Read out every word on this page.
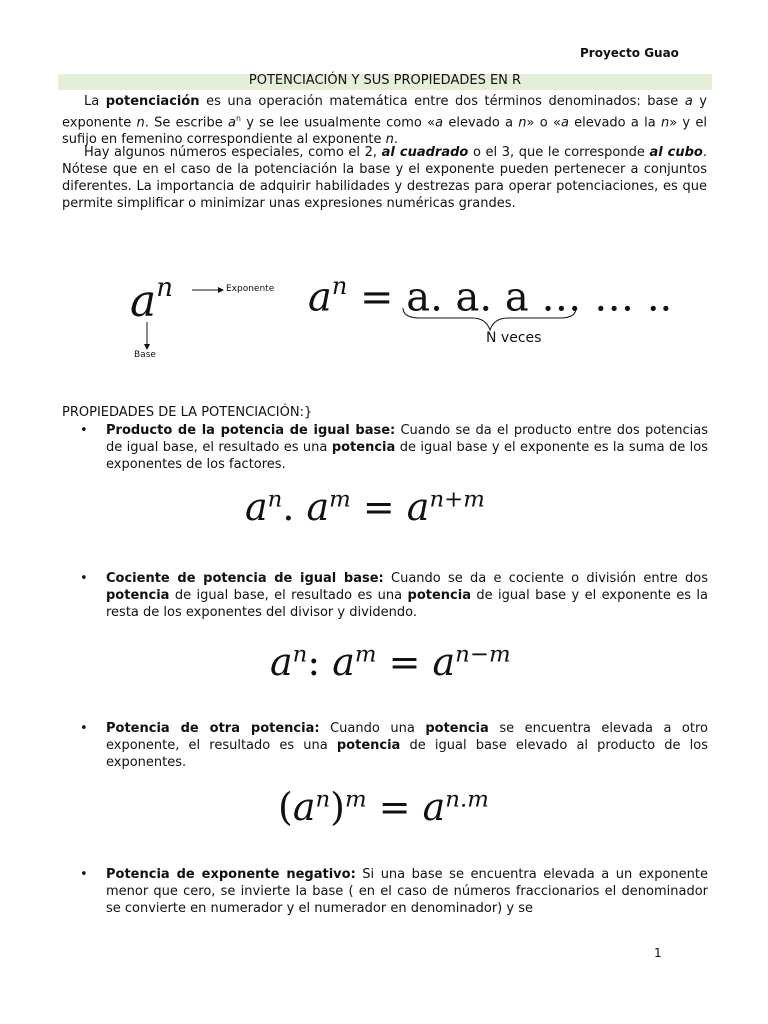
Proyecto Guao
POTENCIACIÓN Y SUS PROPIEDADES EN R

La potenciación es una operación matemática entre dos términos denominados: base a y exponente n. Se escribe $a^n$ y se lee usualmente como «a elevado a n» o «a elevado a la n» y el sufijo en femenino correspondiente al exponente n.

Hay algunos números especiales, como el 2, al cuadrado o el 3, que le corresponde al cubo. Nótese que en el caso de la potenciación la base y el exponente pueden pertenecer a conjuntos diferentes. La importancia de adquirir habilidades y destrezas para operar potenciaciones, es que permite simplificar o minimizar unas expresiones numéricas grandes.

$a^n$	Exponente
Base
$a^n = a$. a. a … … ..
N veces
PROPIEDADES DE LA POTENCIACIÓN:}
• Producto de la potencia de igual base: Cuando se da el producto entre dos potencias de igual base, el resultado es una potencia de igual base y el exponente es la suma de los exponentes de los factores.
$a^n$. $a^m = a^{n+m}$
• Cociente de potencia de igual base: Cuando se da e cociente o división entre dos potencia de igual base, el resultado es una potencia de igual base y el exponente es la resta de los exponentes del divisor y dividendo.
$a^n$: $a^m = a^{n-m}$
• Potencia de otra potencia: Cuando una potencia se encuentra elevada a otro exponente, el resultado es una potencia de igual base elevado al producto de los exponentes.
$(a^n)^m = a^{n.m}$
• Potencia de exponente negativo: Si una base se encuentra elevada a un exponente menor que cero, se invierte la base ( en el caso de números fraccionarios el denominador se convierte en numerador y el numerador en denominador) y se
1
